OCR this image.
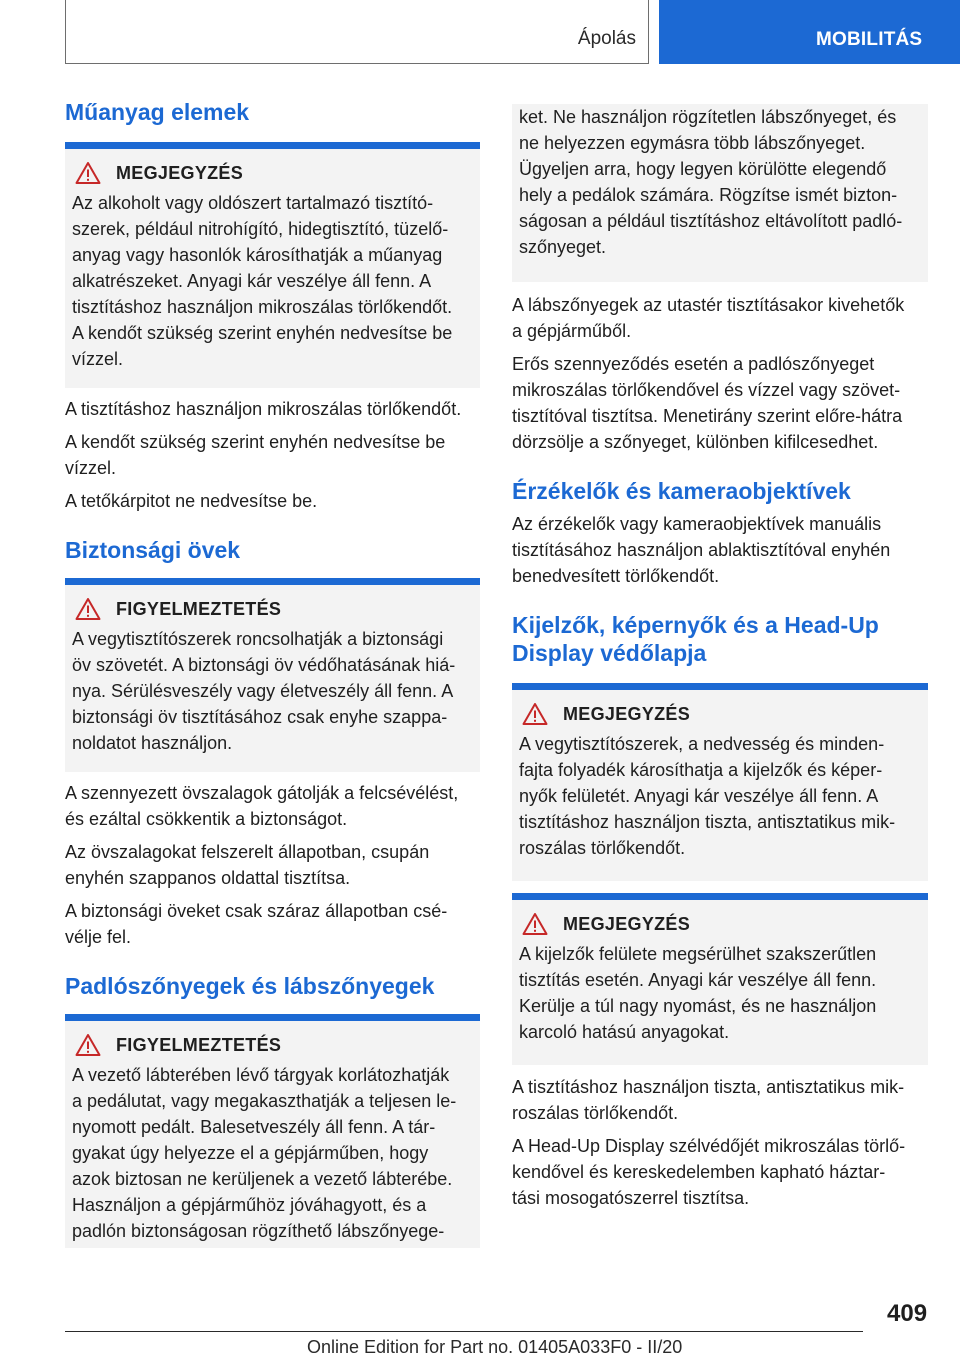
Ápolás	MOBILITÁS
Műanyag elemek
MEGJEGYZÉS
Az alkoholt vagy oldószert tartalmazó tisztító-
szerek, például nitrohígító, hidegtisztító, tüzelő-
anyag vagy hasonlók károsíthatják a műanyag
alkatrészeket. Anyagi kár veszélye áll fenn. A
tisztításhoz használjon mikroszálas törlőkendőt.
A kendőt szükség szerint enyhén nedvesítse be
vízzel.

A tisztításhoz használjon mikroszálas törlőkendőt.

A kendőt szükség szerint enyhén nedvesítse be
vízzel.

A tetőkárpitot ne nedvesítse be.

Biztonsági övek
FIGYELMEZTETÉS
A vegytisztítószerek roncsolhatják a biztonsági
öv szövetét. A biztonsági öv védőhatásának hiá-
nya. Sérülésveszély vagy életveszély áll fenn. A
biztonsági öv tisztításához csak enyhe szappa-
noldatot használjon.

A szennyezett övszalagok gátolják a felcsévélést,
és ezáltal csökkentik a biztonságot.

Az övszalagokat felszerelt állapotban, csupán
enyhén szappanos oldattal tisztítsa.

A biztonsági öveket csak száraz állapotban csé-
vélje fel.

Padlószőnyegek és lábszőnyegek
FIGYELMEZTETÉS
A vezető lábterében lévő tárgyak korlátozhatják
a pedálutat, vagy megakaszthatják a teljesen le-
nyomott pedált. Balesetveszély áll fenn. A tár-
gyakat úgy helyezze el a gépjárműben, hogy
azok biztosan ne kerüljenek a vezető lábterébe.
Használjon a gépjárműhöz jóváhagyott, és a
padlón biztonságosan rögzíthető lábszőnyege-
ket. Ne használjon rögzítetlen lábszőnyeget, és
ne helyezzen egymásra több lábszőnyeget.
Ügyeljen arra, hogy legyen körülötte elegendő
hely a pedálok számára. Rögzítse ismét bizton-
ságosan a például tisztításhoz eltávolított padló-
szőnyeget.

A lábszőnyegek az utastér tisztításakor kivehetők
a gépjárműből.

Erős szennyeződés esetén a padlószőnyeget
mikroszálas törlőkendővel és vízzel vagy szövet-
tisztítóval tisztítsa. Menetirány szerint előre-hátra
dörzsölje a szőnyeget, különben kifilcesedhet.

Érzékelők és kameraobjektívek

Az érzékelők vagy kameraobjektívek manuális
tisztításához használjon ablaktisztítóval enyhén
benedvesített törlőkendőt.

Kijelzők, képernyők és a Head-Up
Display védőlapja
MEGJEGYZÉS
A vegytisztítószerek, a nedvesség és minden-
fajta folyadék károsíthatja a kijelzők és képer-
nyők felületét. Anyagi kár veszélye áll fenn. A
tisztításhoz használjon tiszta, antisztatikus mik-
roszálas törlőkendőt.
MEGJEGYZÉS
A kijelzők felülete megsérülhet szakszerűtlen
tisztítás esetén. Anyagi kár veszélye áll fenn.
Kerülje a túl nagy nyomást, és ne használjon
karcoló hatású anyagokat.

A tisztításhoz használjon tiszta, antisztatikus mik-
roszálas törlőkendőt.

A Head-Up Display szélvédőjét mikroszálas törlő-
kendővel és kereskedelemben kapható háztar-
tási mosogatószerrel tisztítsa.

409
Online Edition for Part no. 01405A033F0 - II/20
